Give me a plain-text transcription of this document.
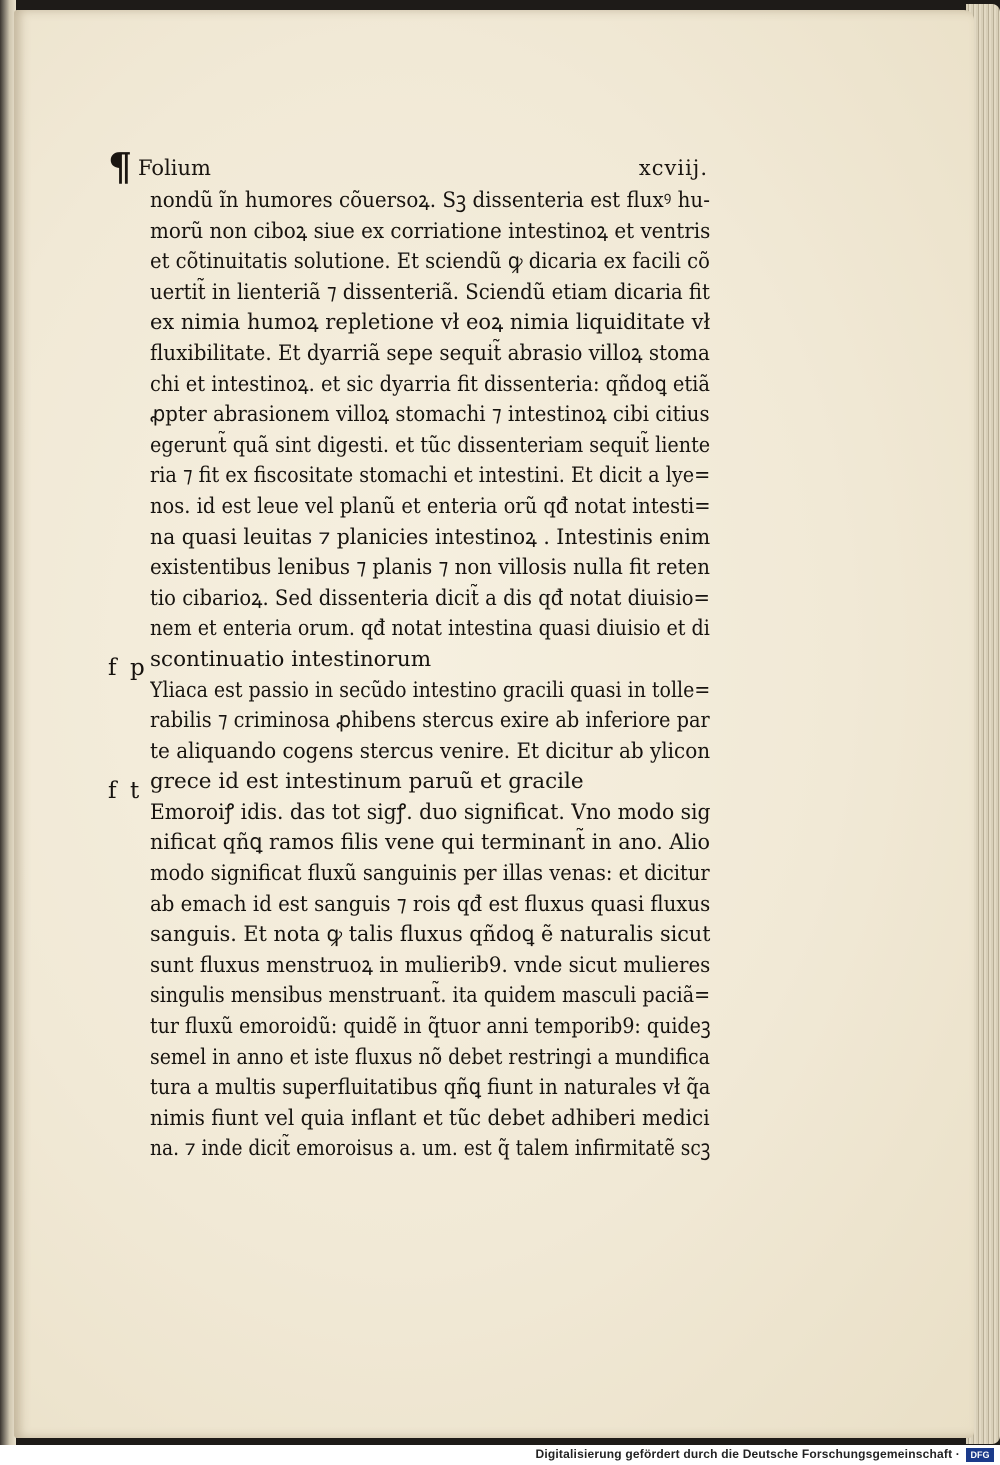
¶ Folium	xcviij.
nondũ ĩn humores cõuersoꝝ. Sꝫ dissenteria est fluxꝰ hu-
morũ non ciboꝝ siue ex corriatione intestinoꝝ et ventris
et cõtinuitatis solutione. Et sciendũ ꝙ dicaria ex facili cõ
uertit̃ in lienteriã ⁊ dissenteriã. Sciendũ etiam dicaria fit
ex nimia humoꝝ repletione vł eoꝝ nimia liquiditate vł
fluxibilitate. Et dyarriã sepe sequit̃ abrasio villoꝝ stoma
chi et intestinoꝝ. et sic dyarria fit dissenteria: qñdoꝗ etiã
ꝓpter abrasionem villoꝝ stomachi ⁊ intestinoꝝ cibi citius
egerunt̃ quã sint digesti. et tũc dissenteriam sequit̃ liente
ria ⁊ fit ex fiscositate stomachi et intestini. Et dicit a lye=
nos. id est leue vel planũ et enteria orũ qđ notat intesti=
na quasi leuitas ⁊ planicies intestinoꝝ . Intestinis enim
existentibus lenibus ⁊ planis ⁊ non villosis nulla fit reten
tio cibarioꝝ. Sed dissenteria dicit̃ a dis qđ notat diuisio=
nem et enteria orum. qđ notat intestina quasi diuisio et di
scontinuatio intestinorum
Yliaca est passio in secũdo intestino gracili quasi in tolle=
rabilis ⁊ criminosa ꝓhibens stercus exire ab inferiore par
te aliquando cogens stercus venire. Et dicitur ab ylicon
grece id est intestinum paruũ et gracile
Emoroiꝭ idis. das tot sigꝭ. duo significat. Vno modo sig
nificat qñꝗ ramos filis vene qui terminant̃ in ano. Alio
modo significat fluxũ sanguinis per illas venas: et dicitur
ab emach id est sanguis ⁊ rois qđ est fluxus quasi fluxus
sanguis. Et nota ꝙ talis fluxus qñdoꝗ ẽ naturalis sicut
sunt fluxus menstruoꝝ in mulierib9. vnde sicut mulieres
singulis mensibus menstruant̃. ita quidem masculi paciã=
tur fluxũ emoroidũ: quidẽ in q̃tuor anni temporib9: quideꝫ
semel in anno et iste fluxus nõ debet restringi a mundifica
tura a multis superfluitatibus qñꝗ fiunt in naturales vł q̃a
nimis fiunt vel quia inflant et tũc debet adhiberi medici
na. ⁊ inde dicit̃ emoroisus a. um. est q̃ talem infirmitatẽ scꝫ
f p
f t
Digitalisierung gefördert durch die Deutsche Forschungsgemeinschaft ·	DFG
